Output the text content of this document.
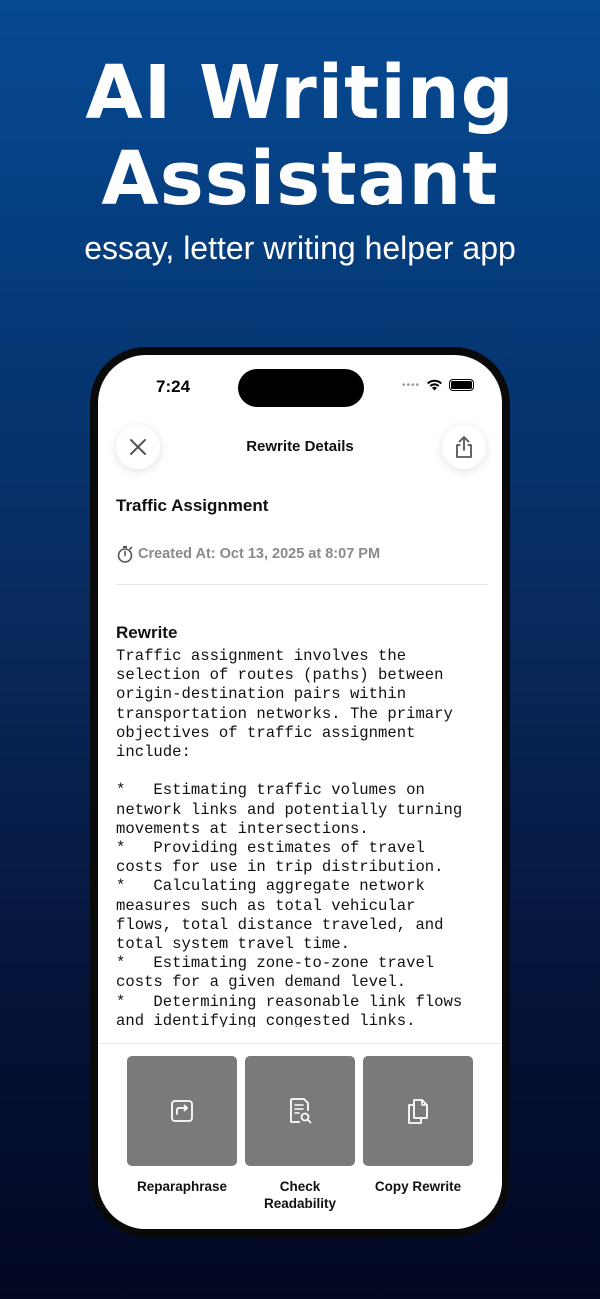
AI Writing
Assistant
essay, letter writing helper app
7:24	••••
Rewrite Details
Traffic Assignment
Created At: Oct 13, 2025 at 8:07 PM
Rewrite
Traffic assignment involves the
selection of routes (paths) between
origin-destination pairs within
transportation networks. The primary
objectives of traffic assignment
include:

*   Estimating traffic volumes on
network links and potentially turning
movements at intersections.
*   Providing estimates of travel
costs for use in trip distribution.
*   Calculating aggregate network
measures such as total vehicular
flows, total distance traveled, and
total system travel time.
*   Estimating zone-to-zone travel
costs for a given demand level.
*   Determining reasonable link flows
and identifying congested links.
Reparaphrase	Check
Readability
Copy Rewrite
